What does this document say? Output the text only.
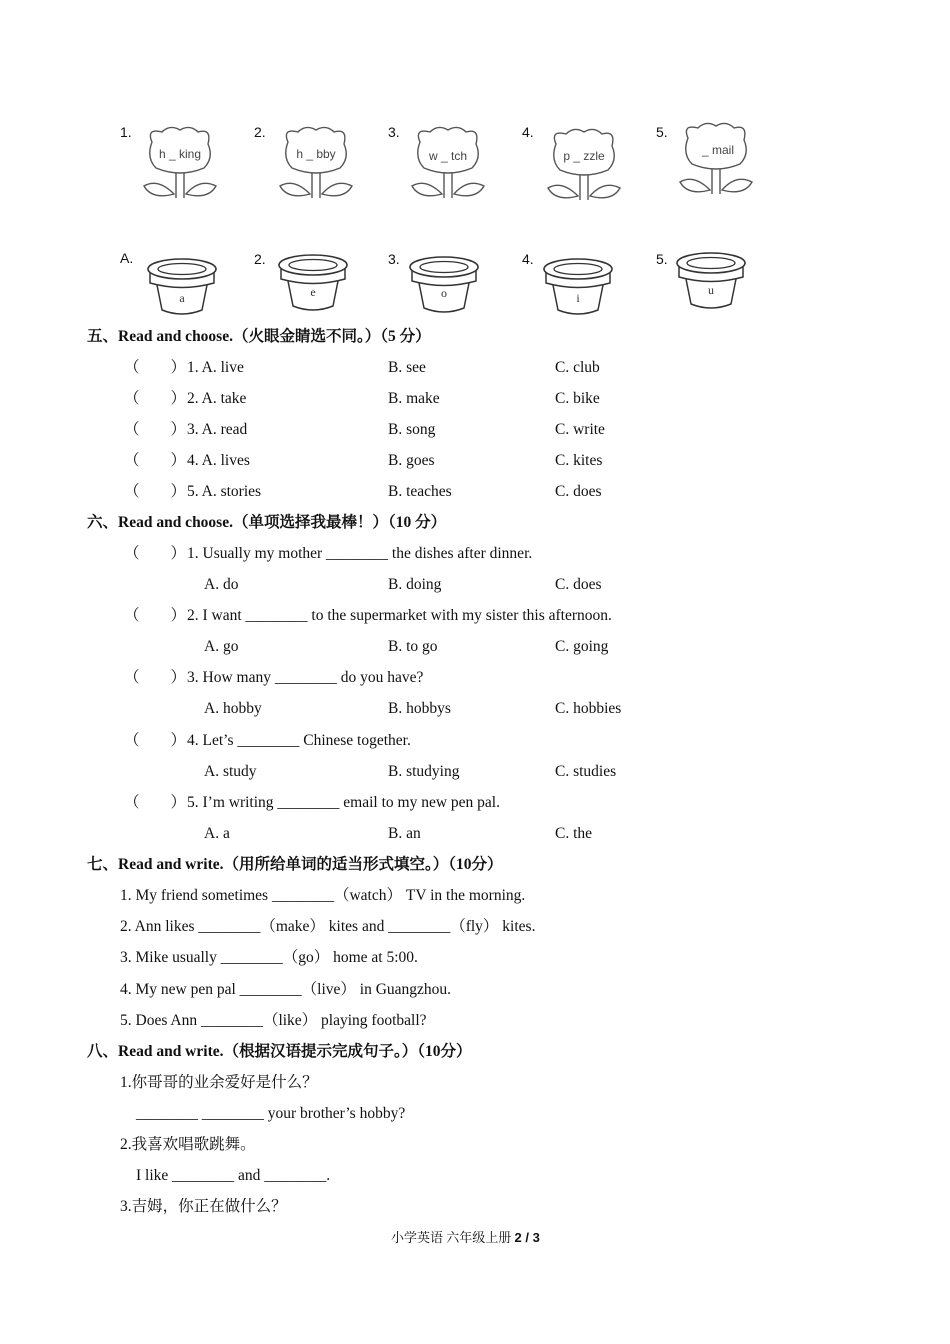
1.	2.	3.	4.	5.
h _ king	h _ bby	w _ tch	p _ zzle	_ mail
A.	2.	3.	4.	5.
a	e	o	i
u
五、Read and choose.（火眼金睛选不同。）（5 分）
（　　） 1. A. live	B. see	C. club
（　　） 2. A. take	B. make	C. bike
（　　） 3. A. read	B. song	C. write
（　　） 4. A. lives	B. goes	C. kites
（　　） 5. A. stories	B. teaches	C. does
六、Read and choose.（单项选择我最棒！）（10 分）
（　　） 1. Usually my mother ________ the dishes after dinner.
A. do	B. doing	C. does
（　　） 2. I want ________ to the supermarket with my sister this afternoon.
A. go	B. to go	C. going
（　　） 3. How many ________ do you have?
A. hobby	B. hobbys	C. hobbies
（　　） 4. Let’s ________ Chinese together.
A. study	B. studying	C. studies
（　　） 5. I’m writing ________ email to my new pen pal.
A. a	B. an	C. the
七、Read and write.（用所给单词的适当形式填空。）（10分）
1. My friend sometimes ________（watch） TV in the morning.
2. Ann likes ________（make） kites and ________（fly） kites.
3. Mike usually ________（go） home at 5:00.
4. My new pen pal ________（live） in Guangzhou.
5. Does Ann ________（like） playing football?
八、Read and write.（根据汉语提示完成句子。）（10分）
1.你哥哥的业余爱好是什么？
________ ________ your brother’s hobby?
2.我喜欢唱歌跳舞。
I like ________ and ________.
3.吉姆，你正在做什么？
小学英语 六年级上册 2 / 3
